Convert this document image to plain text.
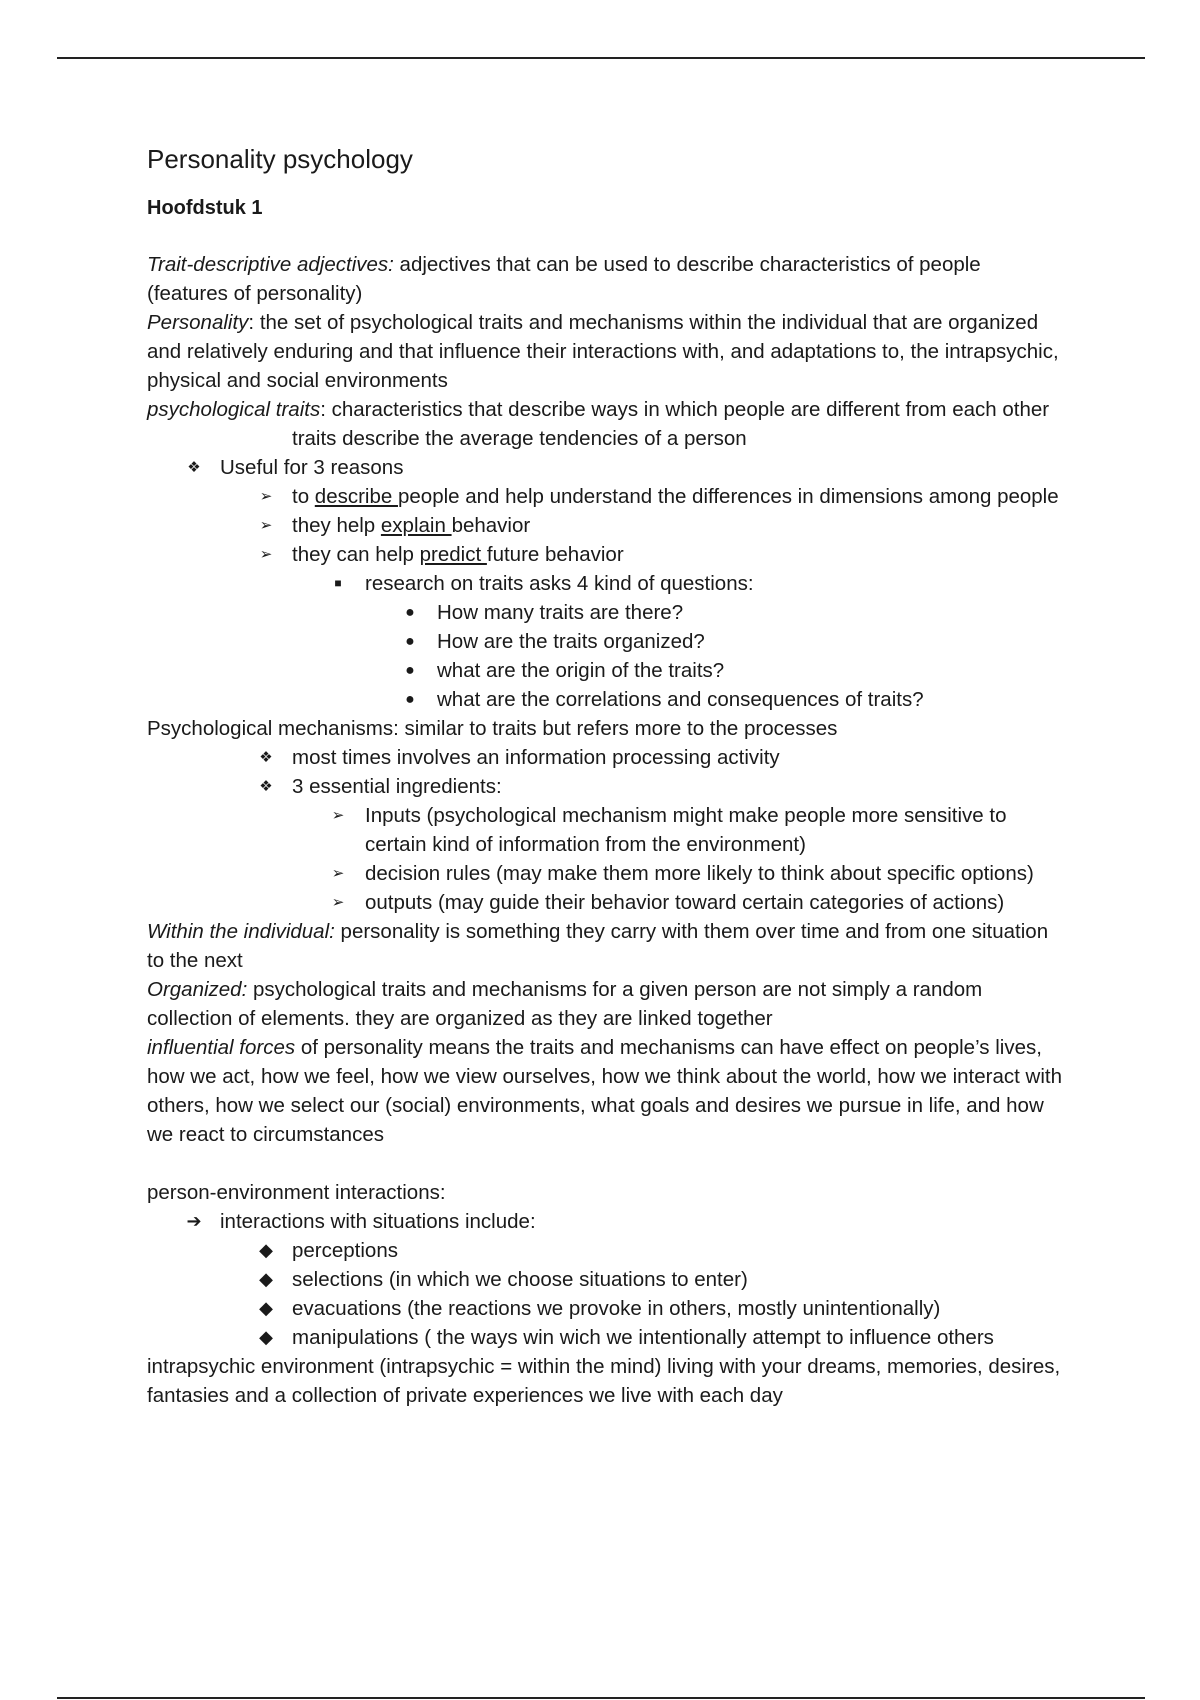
Personality psychology

Hoofdstuk 1

Trait-descriptive adjectives: adjectives that can be used to describe characteristics of people (features of personality)

Personality: the set of psychological traits and mechanisms within the individual that are organized and relatively enduring and that influence their interactions with, and adaptations to, the intrapsychic, physical and social environments

psychological traits: characteristics that describe ways in which people are different from each other

traits describe the average tendencies of a person

❖ Useful for 3 reasons
➢ to describe people and help understand the differences in dimensions among people
➢ they help explain behavior
➢ they can help predict future behavior
■	research on traits asks 4 kind of questions:
●	How many traits are there?
●	How are the traits organized?
●	what are the origin of the traits?
●	what are the correlations and consequences of traits?

Psychological mechanisms: similar to traits but refers more to the processes

❖ most times involves an information processing activity
❖ 3 essential ingredients:
➢ Inputs (psychological mechanism might make people more sensitive to certain kind of information from the environment)
➢ decision rules (may make them more likely to think about specific options)
➢ outputs (may guide their behavior toward certain categories of actions)

Within the individual: personality is something they carry with them over time and from one situation to the next

Organized: psychological traits and mechanisms for a given person are not simply a random collection of elements. they are organized as they are linked together

influential forces of personality means the traits and mechanisms can have effect on people’s lives, how we act, how we feel, how we view ourselves, how we think about the world, how we interact with others, how we select our (social) environments, what goals and desires we pursue in life, and how we react to circumstances

person-environment interactions:

➔ interactions with situations include:
◆ perceptions
◆ selections (in which we choose situations to enter)
◆ evacuations (the reactions we provoke in others, mostly unintentionally)
◆ manipulations ( the ways win wich we intentionally attempt to influence others

intrapsychic environment (intrapsychic = within the mind) living with your dreams, memories, desires, fantasies and a collection of private experiences we live with each day
